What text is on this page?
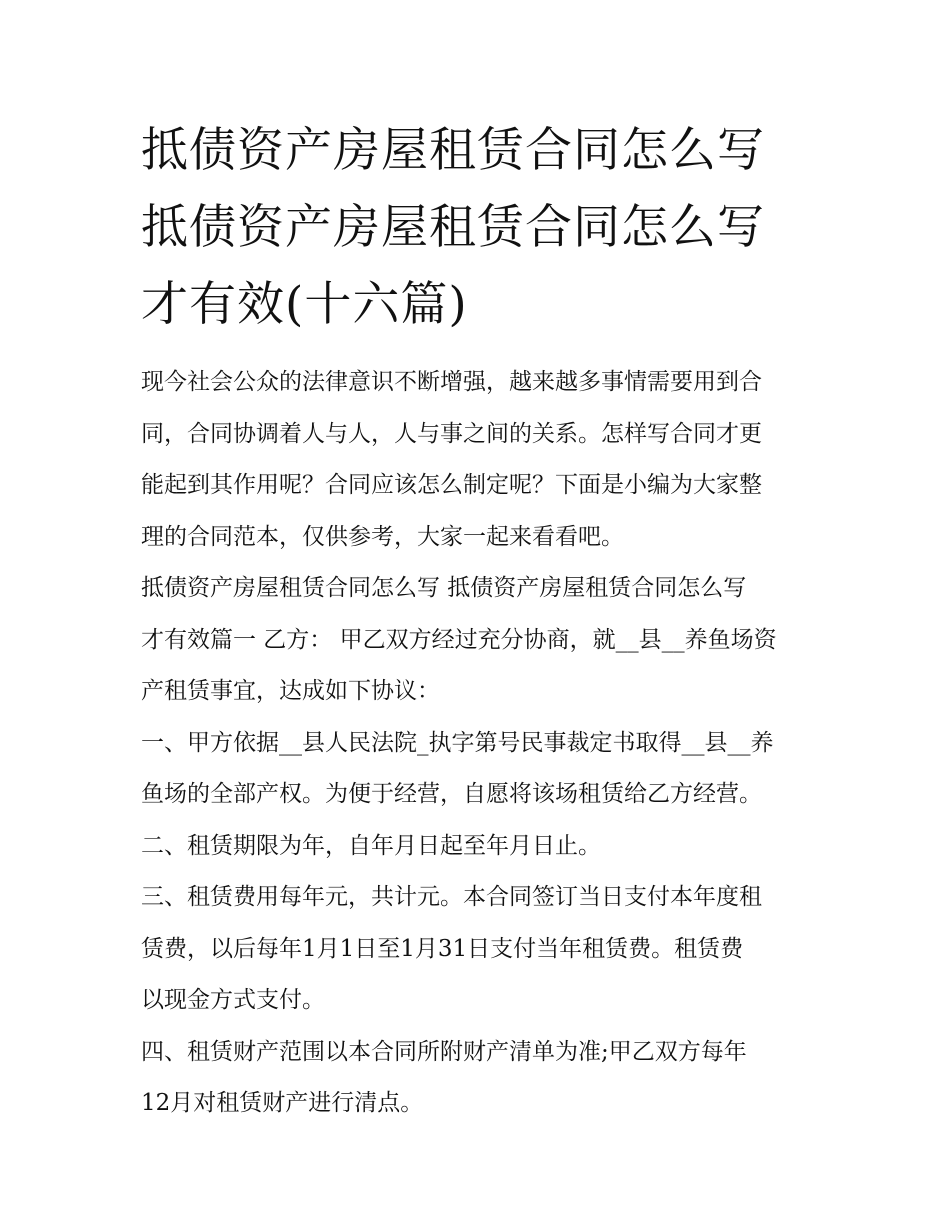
抵债资产房屋租赁合同怎么写
抵债资产房屋租赁合同怎么写
才有效(十六篇)

现今社会公众的法律意识不断增强，越来越多事情需要用到合
同，合同协调着人与人，人与事之间的关系。怎样写合同才更
能起到其作用呢？合同应该怎么制定呢？下面是小编为大家整
理的合同范本，仅供参考，大家一起来看看吧。

抵债资产房屋租赁合同怎么写 抵债资产房屋租赁合同怎么写
才有效篇一 乙方： 甲乙双方经过充分协商，就__县__养鱼场资
产租赁事宜，达成如下协议：

一、甲方依据__县人民法院_执字第号民事裁定书取得__县__养
鱼场的全部产权。为便于经营，自愿将该场租赁给乙方经营。

二、租赁期限为年，自年月日起至年月日止。

三、租赁费用每年元，共计元。本合同签订当日支付本年度租
赁费，以后每年1月1日至1月31日支付当年租赁费。租赁费
以现金方式支付。

四、租赁财产范围以本合同所附财产清单为准;甲乙双方每年
12月对租赁财产进行清点。
